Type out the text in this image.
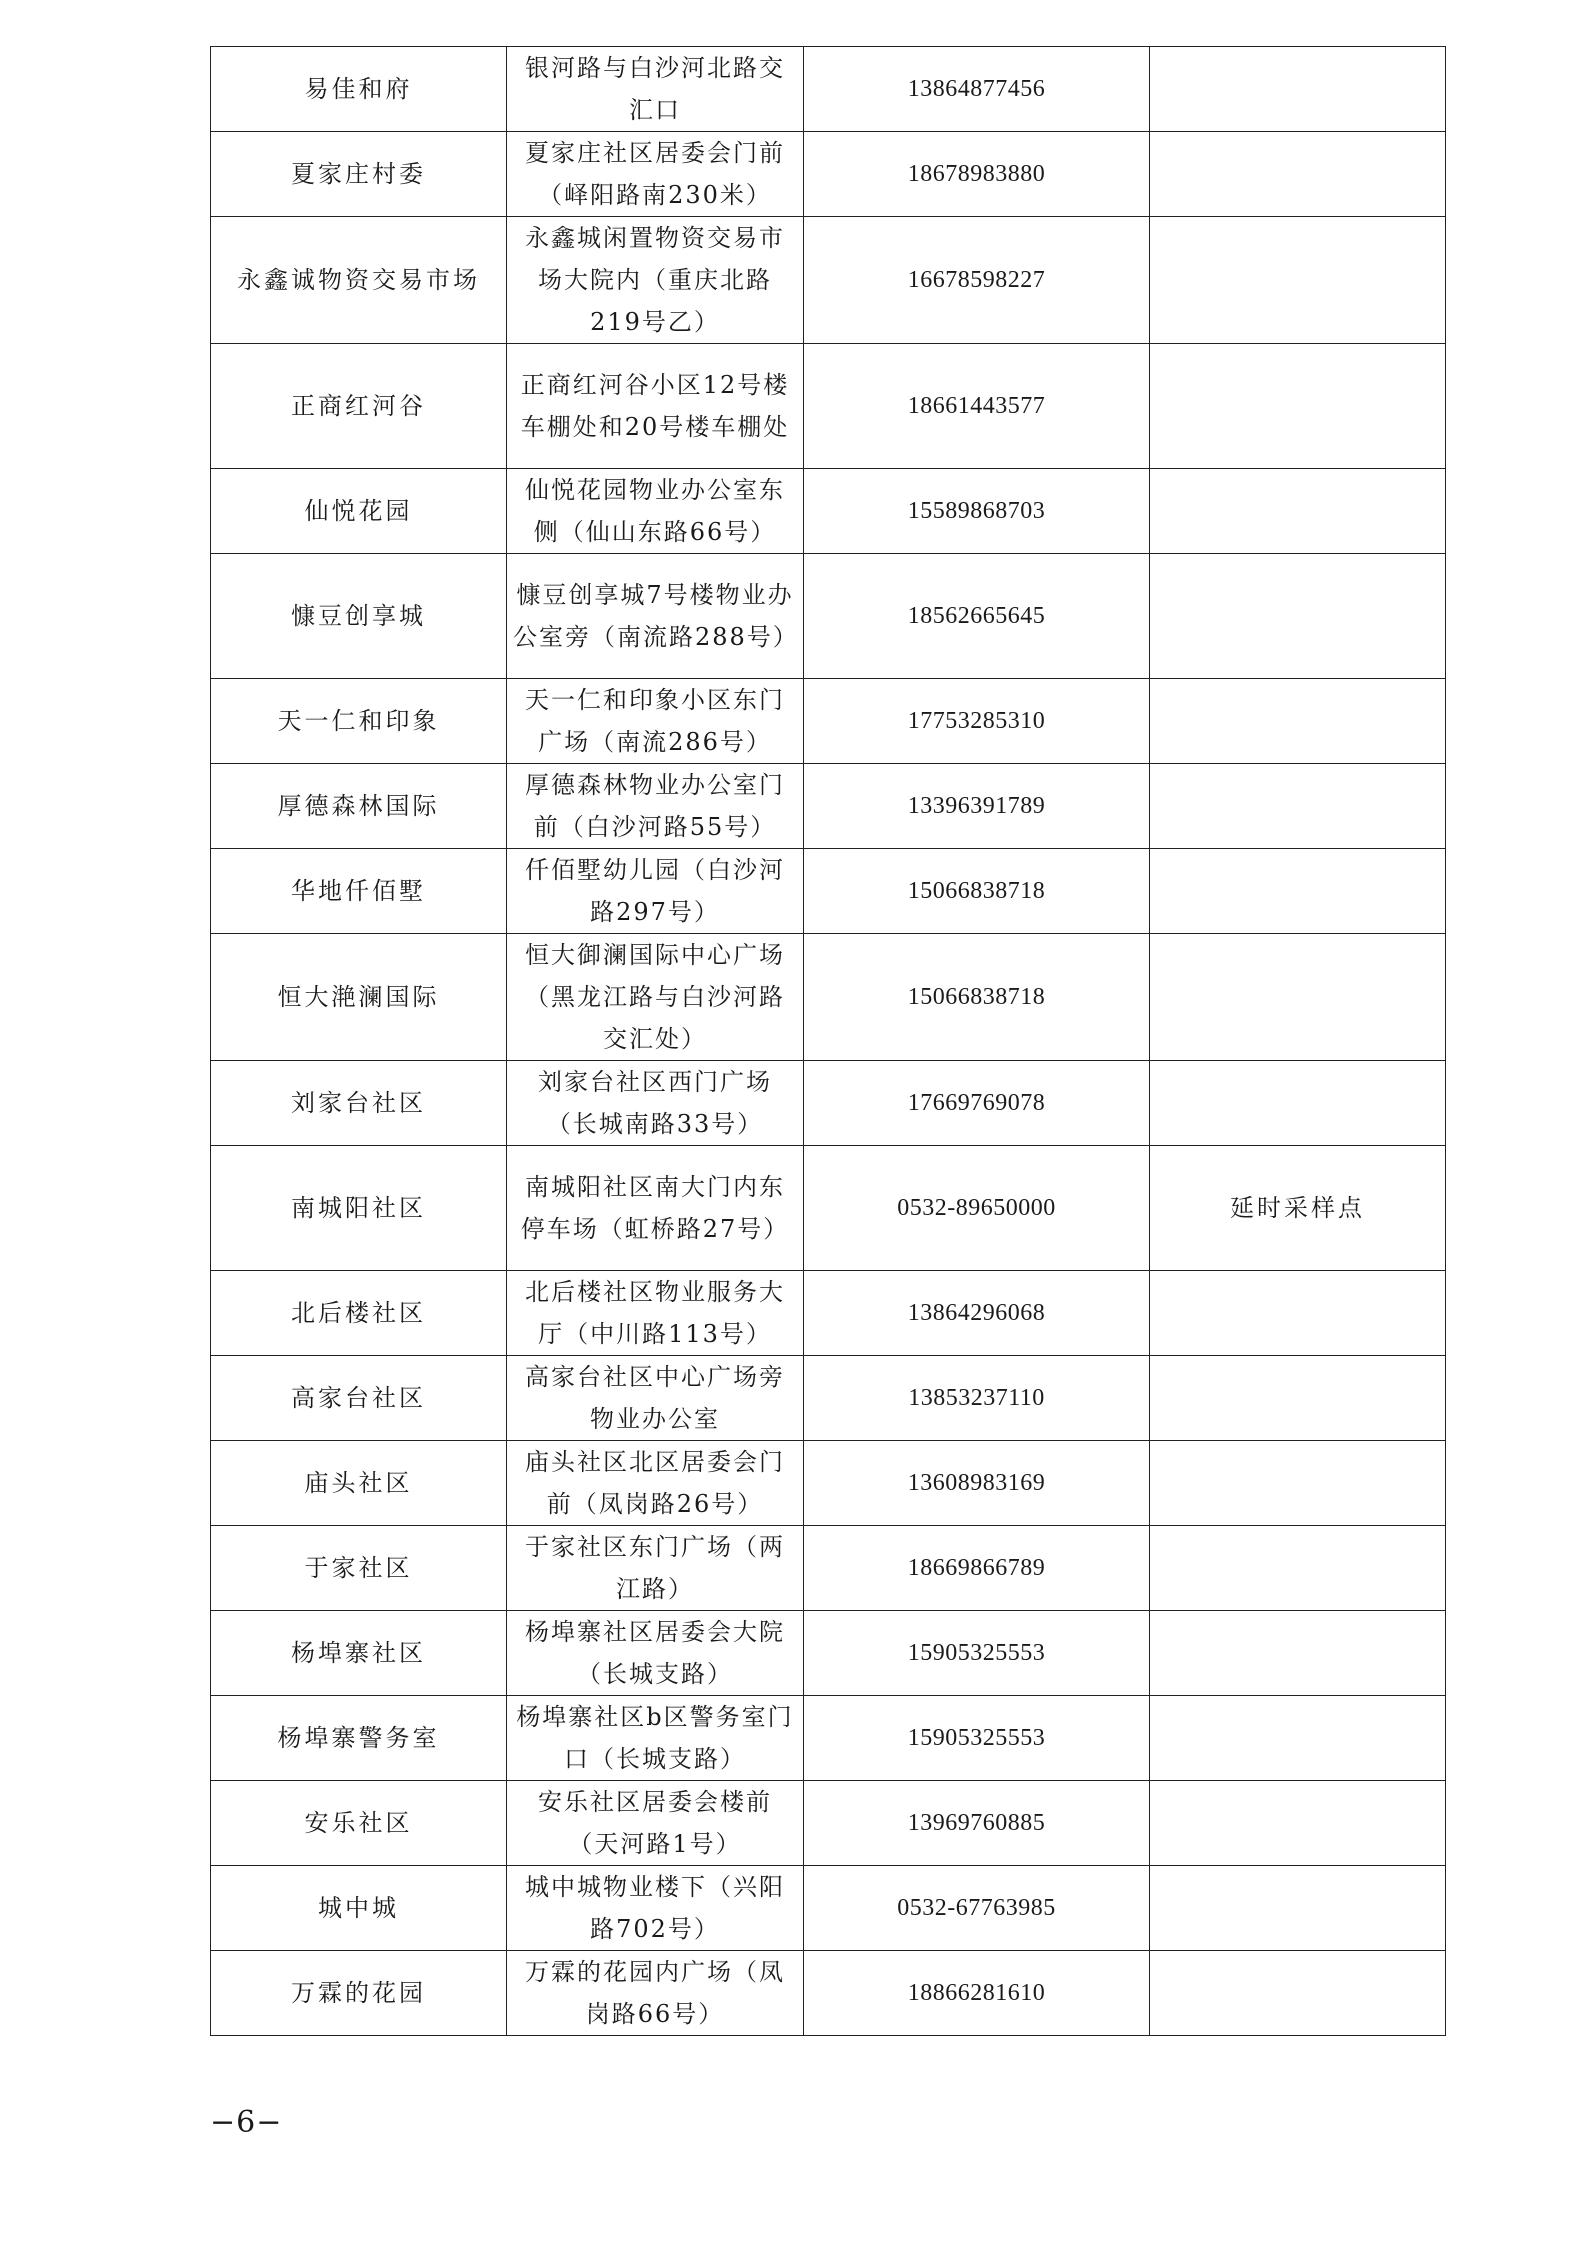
易佳和府	银河路与白沙河北路交汇口	13864877456	
夏家庄村委	夏家庄社区居委会门前（峄阳路南230米）	18678983880	
永鑫诚物资交易市场	永鑫城闲置物资交易市场大院内（重庆北路219号乙）	16678598227	
正商红河谷	正商红河谷小区12号楼车棚处和20号楼车棚处	18661443577	
仙悦花园	仙悦花园物业办公室东侧（仙山东路66号）	15589868703	
慷豆创享城	慷豆创享城7号楼物业办公室旁（南流路288号）	18562665645	
天一仁和印象	天一仁和印象小区东门广场（南流286号）	17753285310	
厚德森林国际	厚德森林物业办公室门前（白沙河路55号）	13396391789	
华地仟佰墅	仟佰墅幼儿园（白沙河路297号）	15066838718	
恒大滟澜国际	恒大御澜国际中心广场（黑龙江路与白沙河路交汇处）	15066838718	
刘家台社区	刘家台社区西门广场（长城南路33号）	17669769078	
南城阳社区	南城阳社区南大门内东停车场（虹桥路27号）	0532-89650000	延时采样点
北后楼社区	北后楼社区物业服务大厅（中川路113号）	13864296068	
高家台社区	高家台社区中心广场旁物业办公室	13853237110	
庙头社区	庙头社区北区居委会门前（凤岗路26号）	13608983169	
于家社区	于家社区东门广场（两江路）	18669866789	
杨埠寨社区	杨埠寨社区居委会大院（长城支路）	15905325553	
杨埠寨警务室	杨埠寨社区b区警务室门口（长城支路）	15905325553	
安乐社区	安乐社区居委会楼前（天河路1号）	13969760885	
城中城	城中城物业楼下（兴阳路702号）	0532-67763985	
万霖的花园	万霖的花园内广场（凤岗路66号）	18866281610	
−6−
